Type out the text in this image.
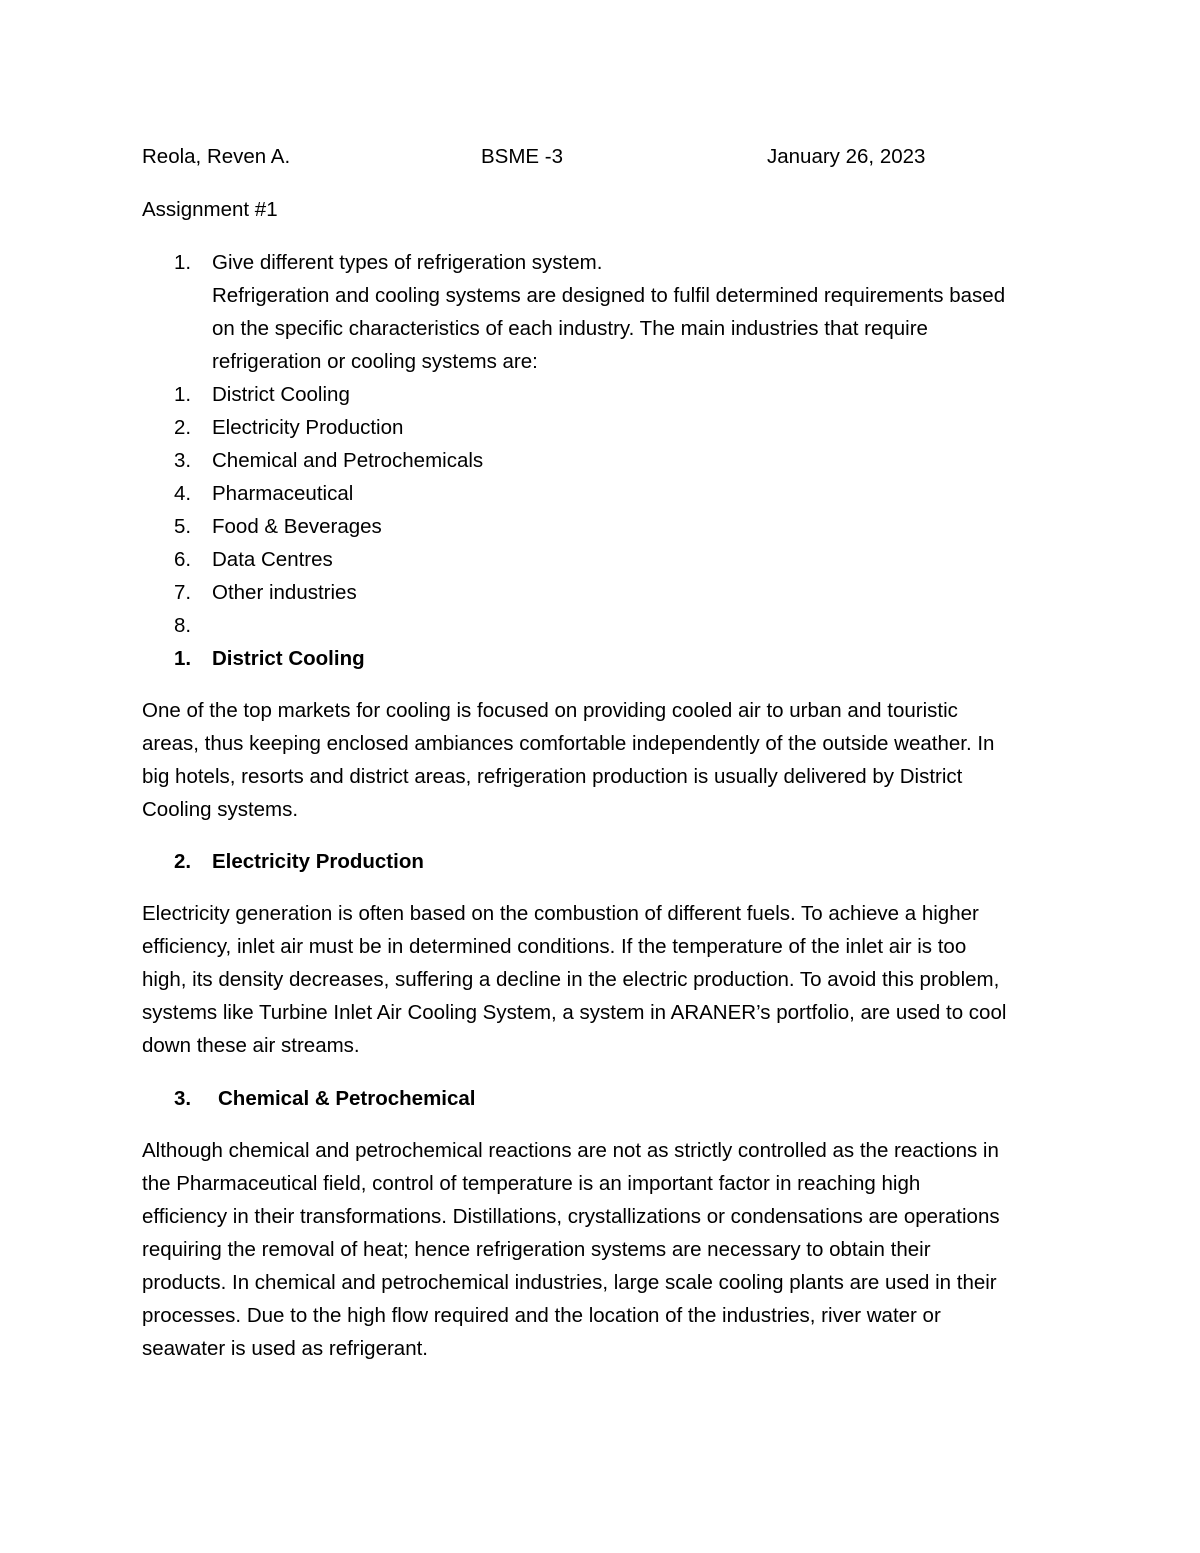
Reola, Reven A.	BSME -3	January 26, 2023
Assignment #1
1. Give different types of refrigeration system.
Refrigeration and cooling systems are designed to fulfil determined requirements based
on the specific characteristics of each industry. The main industries that require
refrigeration or cooling systems are:
1. District Cooling
2. Electricity Production
3. Chemical and Petrochemicals
4. Pharmaceutical
5. Food & Beverages
6. Data Centres
7. Other industries
8.
1. District Cooling
One of the top markets for cooling is focused on providing cooled air to urban and touristic
areas, thus keeping enclosed ambiances comfortable independently of the outside weather. In
big hotels, resorts and district areas, refrigeration production is usually delivered by District
Cooling systems.
2. Electricity Production
Electricity generation is often based on the combustion of different fuels. To achieve a higher
efficiency, inlet air must be in determined conditions. If the temperature of the inlet air is too
high, its density decreases, suffering a decline in the electric production. To avoid this problem,
systems like Turbine Inlet Air Cooling System, a system in ARANER’s portfolio, are used to cool
down these air streams.
3. Chemical & Petrochemical
Although chemical and petrochemical reactions are not as strictly controlled as the reactions in
the Pharmaceutical field, control of temperature is an important factor in reaching high
efficiency in their transformations. Distillations, crystallizations or condensations are operations
requiring the removal of heat; hence refrigeration systems are necessary to obtain their
products. In chemical and petrochemical industries, large scale cooling plants are used in their
processes. Due to the high flow required and the location of the industries, river water or
seawater is used as refrigerant.
